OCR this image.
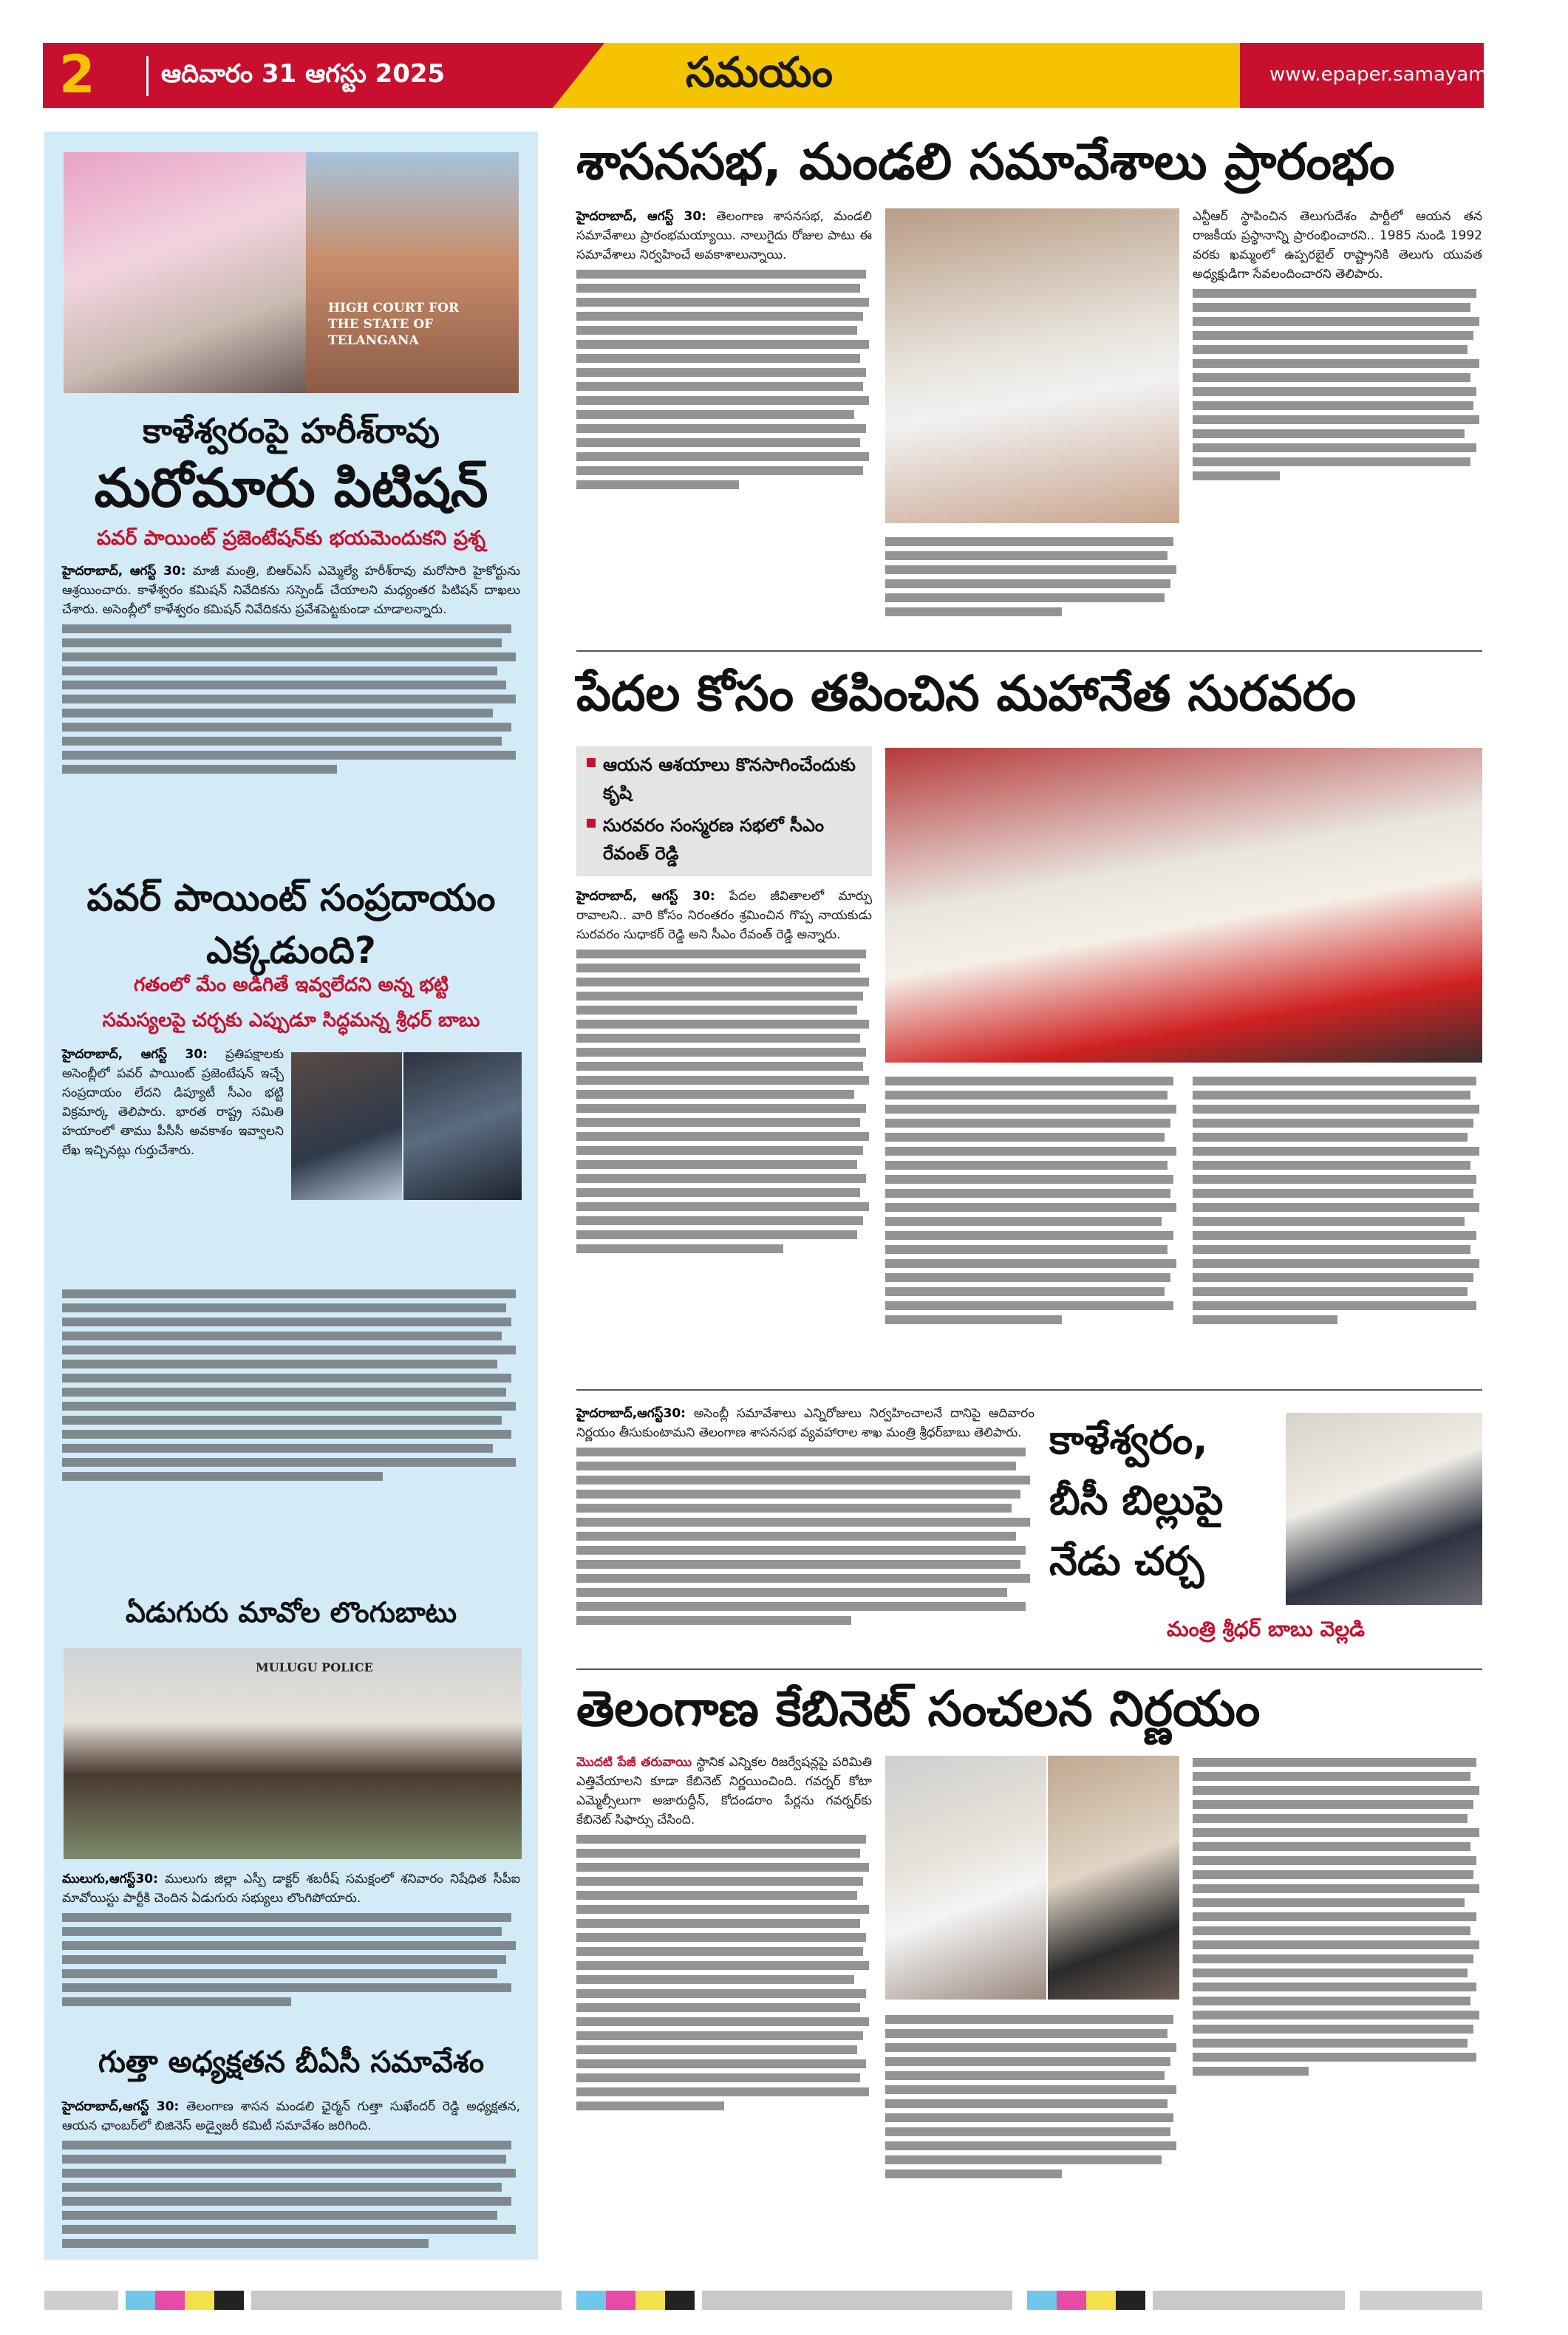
2	ఆదివారం 31 ఆగస్టు 2025	సమయం	www.epaper.samayamdaily.net
HIGH COURT FOR THE STATE OF TELANGANA
కాళేశ్వరంపై హరీశ్‌రావు
మరోమారు పిటిషన్
పవర్ పాయింట్ ప్రజెంటేషన్‌కు భయమెందుకని ప్రశ్న
హైదరాబాద్, ఆగస్ట్ 30: మాజీ మంత్రి, బిఆర్ఎస్ ఎమ్మెల్యే హరీశ్‌రావు మరోసారి హైకోర్టును ఆశ్రయించారు. కాళేశ్వరం కమిషన్ నివేదికను సస్పెండ్ చేయాలని మధ్యంతర పిటిషన్ దాఖలు చేశారు. అసెంబ్లీలో కాళేశ్వరం కమిషన్ నివేదికను ప్రవేశపెట్టకుండా చూడాలన్నారు.
పవర్ పాయింట్ సంప్రదాయం ఎక్కడుంది?
గతంలో మేం అడిగితే ఇవ్వలేదని అన్న భట్టి
సమస్యలపై చర్చకు ఎప్పుడూ సిద్ధమన్న శ్రీధర్ బాబు
హైదరాబాద్, ఆగస్ట్ 30: ప్రతిపక్షాలకు అసెంబ్లీలో పవర్ పాయింట్ ప్రజెంటేషన్ ఇచ్చే సంప్రదాయం లేదని డిప్యూటీ సీఎం భట్టి విక్రమార్క తెలిపారు. భారత రాష్ట్ర సమితి హయాంలో తాము పీసీసీ అవకాశం ఇవ్వాలని లేఖ ఇచ్చినట్లు గుర్తుచేశారు.
ఏడుగురు మావోల లొంగుబాటు
MULUGU POLICE
ములుగు,ఆగస్ట్30: ములుగు జిల్లా ఎస్పీ డాక్టర్ శబరీష్ సమక్షంలో శనివారం నిషేధిత సీపీఐ మావోయిస్టు పార్టీకి చెందిన ఏడుగురు సభ్యులు లొంగిపోయారు.
గుత్తా అధ్యక్షతన బీఏసీ సమావేశం
హైదరాబాద్,ఆగస్ట్ 30: తెలంగాణ శాసన మండలి ఛైర్మన్ గుత్తా సుఖేందర్ రెడ్డి అధ్యక్షతన, ఆయన ఛాంబర్‌లో బిజినెస్ అడ్వైజరీ కమిటీ సమావేశం జరిగింది.
శాసనసభ, మండలి సమావేశాలు ప్రారంభం
హైదరాబాద్, ఆగస్ట్ 30: తెలంగాణ శాసనసభ, మండలి సమావేశాలు ప్రారంభమయ్యాయి. నాలుగైదు రోజుల పాటు ఈ సమావేశాలు నిర్వహించే అవకాశాలున్నాయి.
ఎన్టీఆర్ స్థాపించిన తెలుగుదేశం పార్టీలో ఆయన తన రాజకీయ ప్రస్థానాన్ని ప్రారంభించారని.. 1985 నుండి 1992 వరకు ఖమ్మంలో ఉప్పరబైల్ రాష్ట్రానికి తెలుగు యువత అధ్యక్షుడిగా సేవలందించారని తెలిపారు.
పేదల కోసం తపించిన మహానేత సురవరం
ఆయన ఆశయాలు కొనసాగించేందుకు కృషి
సురవరం సంస్మరణ సభలో సీఎం రేవంత్ రెడ్డి
హైదరాబాద్, ఆగస్ట్ 30: పేదల జీవితాలలో మార్పు రావాలని.. వారి కోసం నిరంతరం శ్రమించిన గొప్ప నాయకుడు సురవరం సుధాకర్ రెడ్డి అని సీఎం రేవంత్ రెడ్డి అన్నారు.
హైదరాబాద్,ఆగస్ట్30: అసెంబ్లీ సమావేశాలు ఎన్నిరోజులు నిర్వహించాలనే దానిపై ఆదివారం నిర్ణయం తీసుకుంటామని తెలంగాణ శాసనసభ వ్యవహారాల శాఖ మంత్రి శ్రీధర్‌బాబు తెలిపారు. కాళేశ్వరం, బీసీ బిల్లుపై నేడు చర్చ
మంత్రి శ్రీధర్ బాబు వెల్లడి
తెలంగాణ కేబినెట్ సంచలన నిర్ణయం
మొదటి పేజీ తరువాయి స్థానిక ఎన్నికల రిజర్వేషన్లపై పరిమితి ఎత్తివేయాలని కూడా కేబినెట్ నిర్ణయించింది. గవర్నర్ కోటా ఎమ్మెల్సీలుగా అజారుద్దీన్, కోదండరాం పేర్లను గవర్నర్‌కు కేబినెట్ సిఫార్సు చేసింది.
